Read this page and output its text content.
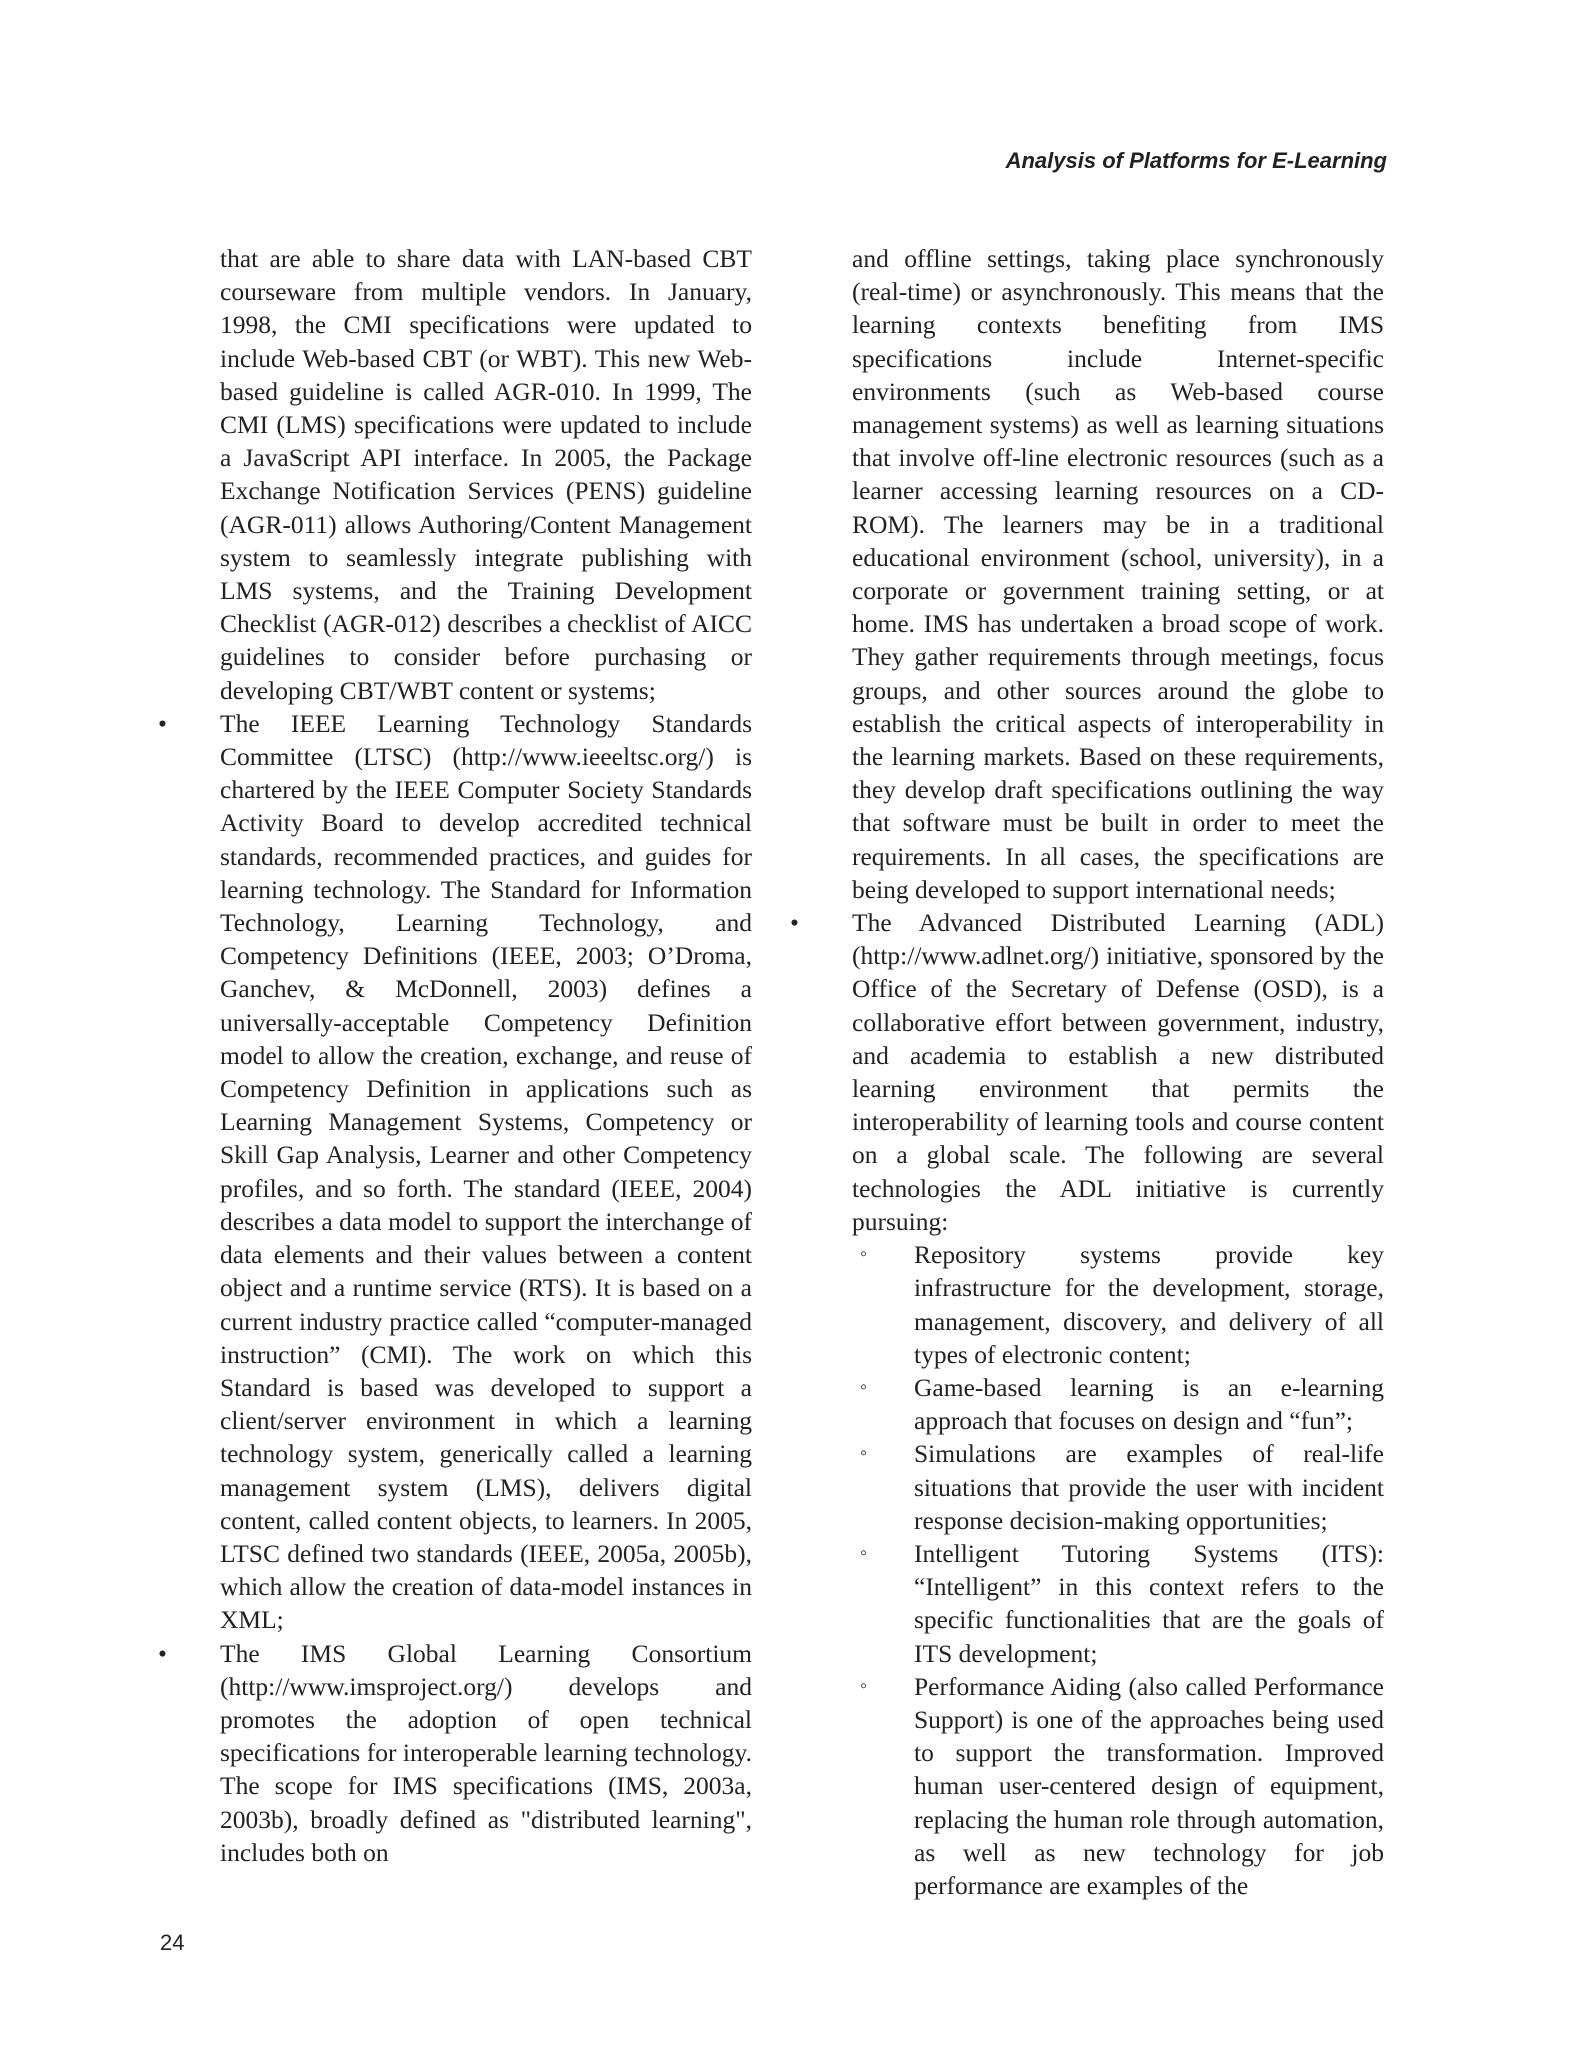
Analysis of Platforms for E-Learning

that are able to share data with LAN-based CBT courseware from multiple vendors. In January, 1998, the CMI specifications were updated to include Web-based CBT (or WBT). This new Web-based guideline is called AGR-010. In 1999, The CMI (LMS) specifications were updated to include a JavaScript API interface. In 2005, the Package Exchange Notification Services (PENS) guideline (AGR-011) allows Authoring/Content Management system to seamlessly integrate publishing with LMS systems, and the Training Development Checklist (AGR-012) describes a checklist of AICC guidelines to consider before purchasing or developing CBT/WBT content or systems;

• The IEEE Learning Technology Standards Committee (LTSC) (http://www.ieeeltsc.org/) is chartered by the IEEE Computer Society Standards Activity Board to develop accredited technical standards, recommended practices, and guides for learning technology. The Standard for Information Technology, Learning Technology, and Competency Definitions (IEEE, 2003; O’Droma, Ganchev, & McDonnell, 2003) defines a universally-acceptable Competency Definition model to allow the creation, exchange, and reuse of Competency Definition in applications such as Learning Management Systems, Competency or Skill Gap Analysis, Learner and other Competency profiles, and so forth. The standard (IEEE, 2004) describes a data model to support the interchange of data elements and their values between a content object and a runtime service (RTS). It is based on a current industry practice called “computer-managed instruction” (CMI). The work on which this Standard is based was developed to support a client/server environment in which a learning technology system, generically called a learning management system (LMS), delivers digital content, called content objects, to learners. In 2005, LTSC defined two standards (IEEE, 2005a, 2005b), which allow the creation of data-model instances in XML;

• The IMS Global Learning Consortium (http://www.imsproject.org/) develops and promotes the adoption of open technical specifications for interoperable learning technology. The scope for IMS specifications (IMS, 2003a, 2003b), broadly defined as "distributed learning", includes both on

and offline settings, taking place synchronously (real-time) or asynchronously. This means that the learning contexts benefiting from IMS specifications include Internet-specific environments (such as Web-based course management systems) as well as learning situations that involve off-line electronic resources (such as a learner accessing learning resources on a CD-ROM). The learners may be in a traditional educational environment (school, university), in a corporate or government training setting, or at home. IMS has undertaken a broad scope of work. They gather requirements through meetings, focus groups, and other sources around the globe to establish the critical aspects of interoperability in the learning markets. Based on these requirements, they develop draft specifications outlining the way that software must be built in order to meet the requirements. In all cases, the specifications are being developed to support international needs;

• The Advanced Distributed Learning (ADL) (http://www.adlnet.org/) initiative, sponsored by the Office of the Secretary of Defense (OSD), is a collaborative effort between government, industry, and academia to establish a new distributed learning environment that permits the interoperability of learning tools and course content on a global scale. The following are several technologies the ADL initiative is currently pursuing:

◦ Repository systems provide key infrastructure for the development, storage, management, discovery, and delivery of all types of electronic content;

◦ Game-based learning is an e-learning approach that focuses on design and “fun”;

◦ Simulations are examples of real-life situations that provide the user with incident response decision-making opportunities;

◦ Intelligent Tutoring Systems (ITS): “Intelligent” in this context refers to the specific functionalities that are the goals of ITS development;

◦ Performance Aiding (also called Performance Support) is one of the approaches being used to support the transformation. Improved human user-centered design of equipment, replacing the human role through automation, as well as new technology for job performance are examples of the

24
